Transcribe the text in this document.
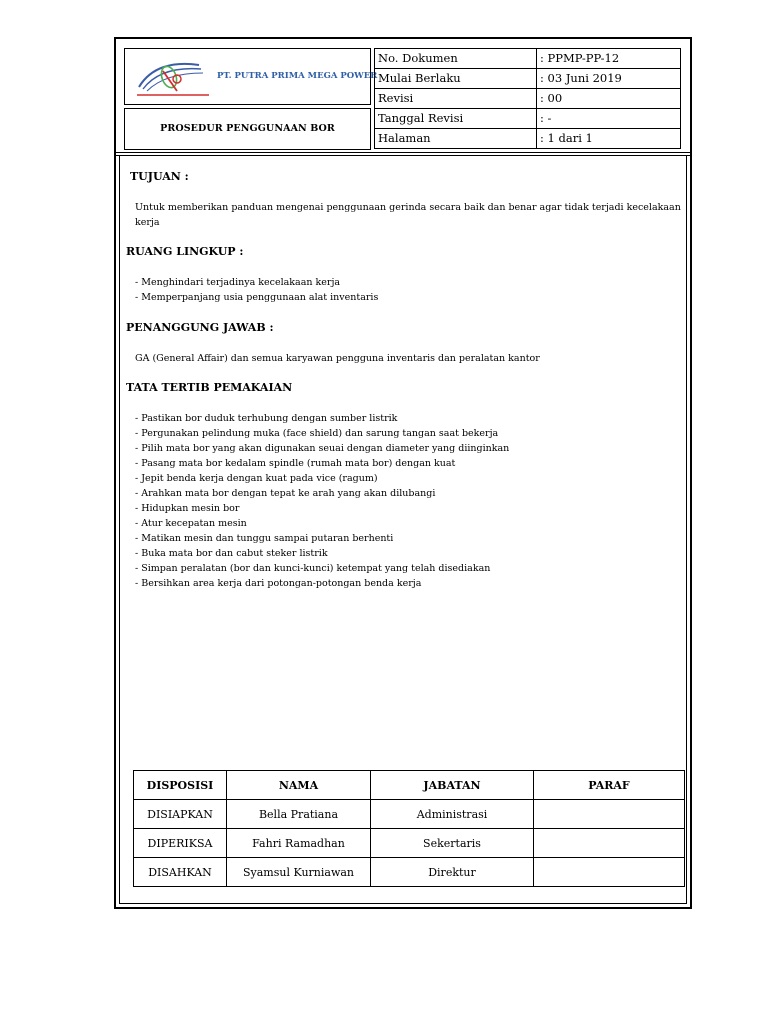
PT. PUTRA PRIMA MEGA POWER
PROSEDUR PENGGUNAAN BOR
No. Dokumen	: PPMP-PP-12
Mulai Berlaku	: 03 Juni 2019
Revisi	: 00
Tanggal Revisi	: -
Halaman	: 1 dari 1
TUJUAN :
Untuk memberikan panduan mengenai penggunaan gerinda secara baik dan benar agar tidak terjadi kecelakaan
kerja
RUANG LINGKUP :
- Menghindari terjadinya kecelakaan kerja
- Memperpanjang usia penggunaan alat inventaris
PENANGGUNG JAWAB :
GA (General Affair) dan semua karyawan pengguna inventaris dan peralatan kantor
TATA TERTIB PEMAKAIAN
- Pastikan bor duduk terhubung dengan sumber listrik
- Pergunakan pelindung muka (face shield) dan sarung tangan saat bekerja
- Pilih mata bor yang akan digunakan seuai dengan diameter yang diinginkan
- Pasang mata bor kedalam spindle (rumah mata bor) dengan kuat
- Jepit benda kerja dengan kuat pada vice (ragum)
- Arahkan mata bor dengan tepat ke arah yang akan dilubangi
- Hidupkan mesin bor
- Atur kecepatan mesin
- Matikan mesin dan tunggu sampai putaran berhenti
- Buka mata bor dan cabut steker listrik
- Simpan peralatan (bor dan kunci-kunci) ketempat yang telah disediakan
- Bersihkan area kerja dari potongan-potongan benda kerja
DISPOSISI	NAMA	JABATAN	PARAF
DISIAPKAN	Bella Pratiana	Administrasi	
DIPERIKSA	Fahri Ramadhan	Sekertaris	
DISAHKAN	Syamsul Kurniawan	Direktur	
